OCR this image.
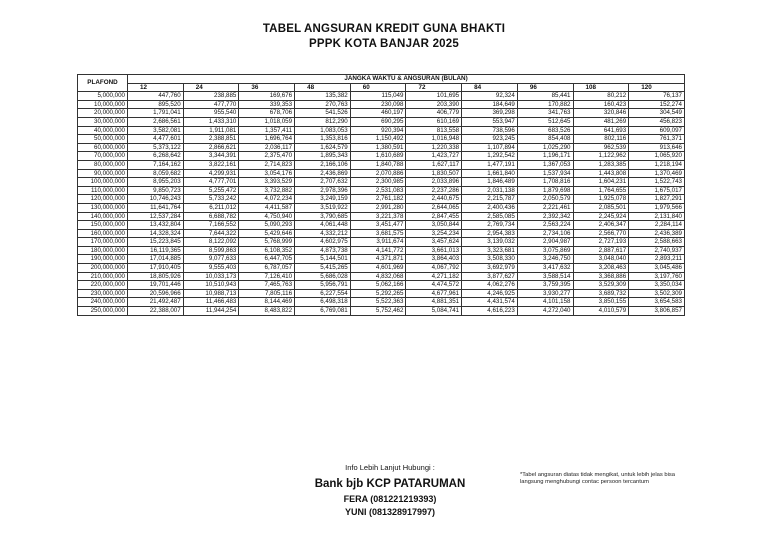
TABEL ANGSURAN KREDIT GUNA BHAKTI
PPPK KOTA BANJAR 2025
PLAFOND	JANGKA WAKTU & ANGSURAN (BULAN)									
	12	24	36	48	60	72	84	96	108	120
5,000,000	447,760	238,885	169,676	135,382	115,049	101,695	92,324	85,441	80,212	76,137
10,000,000	895,520	477,770	339,353	270,763	230,098	203,390	184,649	170,882	160,423	152,274
20,000,000	1,791,041	955,540	678,706	541,526	460,197	406,779	369,298	341,763	320,846	304,549
30,000,000	2,686,561	1,433,310	1,018,059	812,290	690,295	610,169	553,947	512,645	481,269	456,823
40,000,000	3,582,081	1,911,081	1,357,411	1,083,053	920,394	813,558	738,596	683,526	641,693	609,097
50,000,000	4,477,601	2,388,851	1,696,764	1,353,816	1,150,492	1,016,948	923,245	854,408	802,116	761,371
60,000,000	5,373,122	2,866,621	2,036,117	1,624,579	1,380,591	1,220,338	1,107,894	1,025,290	962,539	913,646
70,000,000	6,268,642	3,344,391	2,375,470	1,895,343	1,610,689	1,423,727	1,292,542	1,196,171	1,122,962	1,065,920
80,000,000	7,164,162	3,822,161	2,714,823	2,166,106	1,840,788	1,627,117	1,477,191	1,367,053	1,283,385	1,218,194
90,000,000	8,059,682	4,299,931	3,054,176	2,436,869	2,070,886	1,830,507	1,661,840	1,537,934	1,443,808	1,370,469
100,000,000	8,955,203	4,777,701	3,393,529	2,707,632	2,300,985	2,033,896	1,846,489	1,708,816	1,604,231	1,522,743
110,000,000	9,850,723	5,255,472	3,732,882	2,978,396	2,531,083	2,237,286	2,031,138	1,879,698	1,764,655	1,675,017
120,000,000	10,746,243	5,733,242	4,072,234	3,249,159	2,761,182	2,440,675	2,215,787	2,050,579	1,925,078	1,827,291
130,000,000	11,641,764	6,211,012	4,411,587	3,519,922	2,991,280	2,644,065	2,400,436	2,221,461	2,085,501	1,979,566
140,000,000	12,537,284	6,688,782	4,750,940	3,790,685	3,221,378	2,847,455	2,585,085	2,392,342	2,245,924	2,131,840
150,000,000	13,432,804	7,166,552	5,090,293	4,061,448	3,451,477	3,050,844	2,769,734	2,563,224	2,406,347	2,284,114
160,000,000	14,328,324	7,644,322	5,429,646	4,332,212	3,681,575	3,254,234	2,954,383	2,734,106	2,566,770	2,436,389
170,000,000	15,223,845	8,122,092	5,768,999	4,602,975	3,911,674	3,457,624	3,139,032	2,904,987	2,727,193	2,588,663
180,000,000	16,119,365	8,599,863	6,108,352	4,873,738	4,141,772	3,661,013	3,323,681	3,075,869	2,887,617	2,740,937
190,000,000	17,014,885	9,077,633	6,447,705	5,144,501	4,371,871	3,864,403	3,508,330	3,246,750	3,048,040	2,893,211
200,000,000	17,910,405	9,555,403	6,787,057	5,415,265	4,601,969	4,067,792	3,692,979	3,417,632	3,208,463	3,045,486
210,000,000	18,805,926	10,033,173	7,126,410	5,686,028	4,832,068	4,271,182	3,877,627	3,588,514	3,368,886	3,197,760
220,000,000	19,701,446	10,510,943	7,465,763	5,956,791	5,062,166	4,474,572	4,062,276	3,759,395	3,529,309	3,350,034
230,000,000	20,596,966	10,988,713	7,805,116	6,227,554	5,292,265	4,677,961	4,246,925	3,930,277	3,689,732	3,502,309
240,000,000	21,492,487	11,466,483	8,144,469	6,498,318	5,522,363	4,881,351	4,431,574	4,101,158	3,850,155	3,654,583
250,000,000	22,388,007	11,944,254	8,483,822	6,769,081	5,752,462	5,084,741	4,616,223	4,272,040	4,010,579	3,806,857
Info Lebih Lanjut Hubungi :
Bank bjb KCP PATARUMAN
FERA (081221219393)
YUNI (081328917997)
*Tabel angsuran diatas tidak mengikat, untuk lebih jelas bisa langsung menghubungi contac persoon tercantum
